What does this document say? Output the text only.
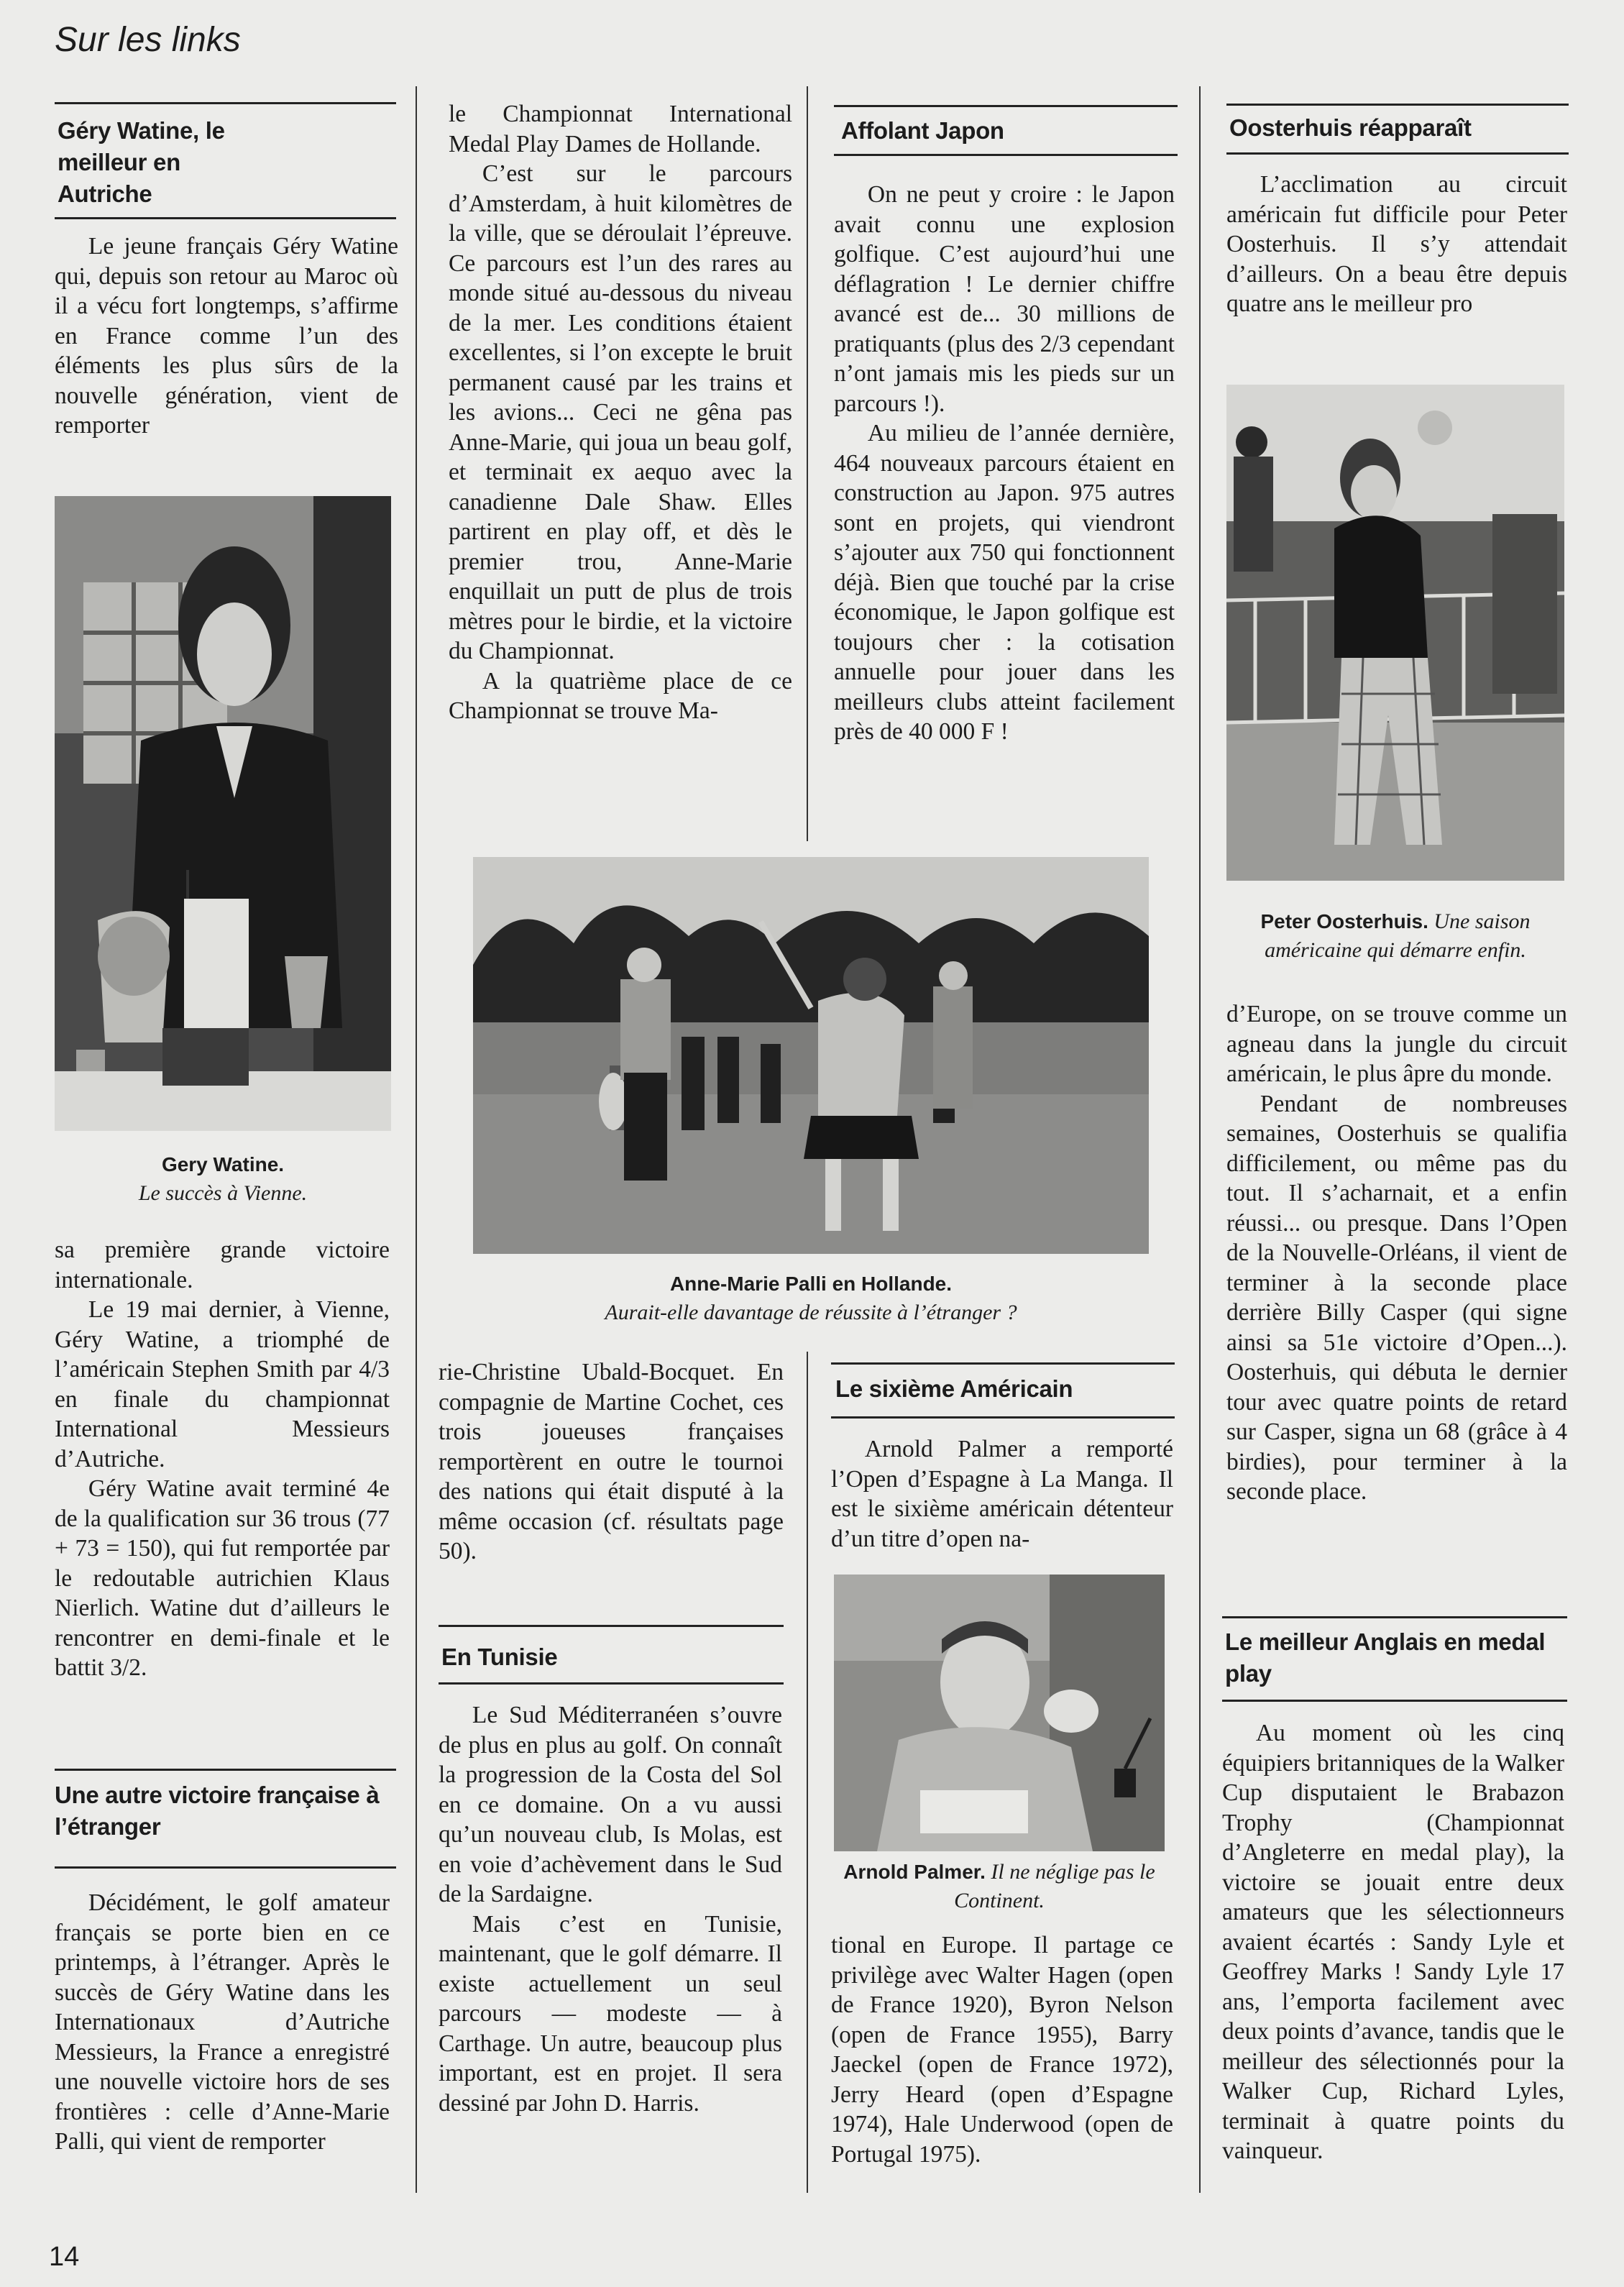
Sur les links
Géry Watine, le meilleur en Autriche

Le jeune français Géry Watine qui, depuis son retour au Maroc où il a vécu fort longtemps, s’affirme en France comme l’un des éléments les plus sûrs de la nouvelle génération, vient de remporter

Gery Watine.
Le succès à Vienne.

sa première grande victoire internationale.

Le 19 mai dernier, à Vienne, Géry Watine, a triomphé de l’américain Stephen Smith par 4/3 en finale du championnat International Messieurs d’Autriche.

Géry Watine avait terminé 4e de la qualification sur 36 trous (77 + 73 = 150), qui fut remportée par le redoutable autrichien Klaus Nierlich. Watine dut d’ailleurs le rencontrer en demi-finale et le battit 3/2.

Une autre victoire française à l’étranger

Décidément, le golf amateur français se porte bien en ce printemps, à l’étranger. Après le succès de Géry Watine dans les Internationaux d’Autriche Messieurs, la France a enregistré une nouvelle victoire hors de ses frontières : celle d’Anne-Marie Palli, qui vient de remporter

le Championnat International Medal Play Dames de Hollande.

C’est sur le parcours d’Amsterdam, à huit kilomètres de la ville, que se déroulait l’épreuve. Ce parcours est l’un des rares au monde situé au-dessous du niveau de la mer. Les conditions étaient excellentes, si l’on excepte le bruit permanent causé par les trains et les avions... Ceci ne gêna pas Anne-Marie, qui joua un beau golf, et terminait ex aequo avec la canadienne Dale Shaw. Elles partirent en play off, et dès le premier trou, Anne-Marie enquillait un putt de plus de trois mètres pour le birdie, et la victoire du Championnat.

A la quatrième place de ce Championnat se trouve Ma-

Anne-Marie Palli en Hollande.
Aurait-elle davantage de réussite à l’étranger ?

rie-Christine Ubald-Bocquet. En compagnie de Martine Cochet, ces trois joueuses françaises remportèrent en outre le tournoi des nations qui était disputé à la même occasion (cf. résultats page 50).

En Tunisie

Le Sud Méditerranéen s’ouvre de plus en plus au golf. On connaît la progression de la Costa del Sol en ce domaine. On a vu aussi qu’un nouveau club, Is Molas, est en voie d’achèvement dans le Sud de la Sardaigne.

Mais c’est en Tunisie, maintenant, que le golf démarre. Il existe actuellement un seul parcours — modeste — à Carthage. Un autre, beaucoup plus important, est en projet. Il sera dessiné par John D. Harris.

Affolant Japon

On ne peut y croire : le Japon avait connu une explosion golfique. C’est aujourd’hui une déflagration ! Le dernier chiffre avancé est de... 30 millions de pratiquants (plus des 2/3 cependant n’ont jamais mis les pieds sur un parcours !).

Au milieu de l’année dernière, 464 nouveaux parcours étaient en construction au Japon. 975 autres sont en projets, qui viendront s’ajouter aux 750 qui fonctionnent déjà. Bien que touché par la crise économique, le Japon golfique est toujours cher : la cotisation annuelle pour jouer dans les meilleurs clubs atteint facilement près de 40 000 F !

Le sixième Américain

Arnold Palmer a remporté l’Open d’Espagne à La Manga. Il est le sixième américain détenteur d’un titre d’open na-

Arnold Palmer. Il ne néglige pas le Continent.

tional en Europe. Il partage ce privilège avec Walter Hagen (open de France 1920), Byron Nelson (open de France 1955), Barry Jaeckel (open de France 1972), Jerry Heard (open d’Espagne 1974), Hale Underwood (open de Portugal 1975).

Oosterhuis réapparaît

L’acclimation au circuit américain fut difficile pour Peter Oosterhuis. Il s’y attendait d’ailleurs. On a beau être depuis quatre ans le meilleur pro

Peter Oosterhuis. Une saison américaine qui démarre enfin.

d’Europe, on se trouve comme un agneau dans la jungle du circuit américain, le plus âpre du monde.

Pendant de nombreuses semaines, Oosterhuis se qualifia difficilement, ou même pas du tout. Il s’acharnait, et a enfin réussi... ou presque. Dans l’Open de la Nouvelle-Orléans, il vient de terminer à la seconde place derrière Billy Casper (qui signe ainsi sa 51e victoire d’Open...). Oosterhuis, qui débuta le dernier tour avec quatre points de retard sur Casper, signa un 68 (grâce à 4 birdies), pour terminer à la seconde place.

Le meilleur Anglais en medal play

Au moment où les cinq équipiers britanniques de la Walker Cup disputaient le Brabazon Trophy (Championnat d’Angleterre en medal play), la victoire se jouait entre deux amateurs que les sélectionneurs avaient écartés : Sandy Lyle et Geoffrey Marks ! Sandy Lyle 17 ans, l’emporta facilement avec deux points d’avance, tandis que le meilleur des sélectionnés pour la Walker Cup, Richard Lyles, terminait à quatre points du vainqueur.

14
